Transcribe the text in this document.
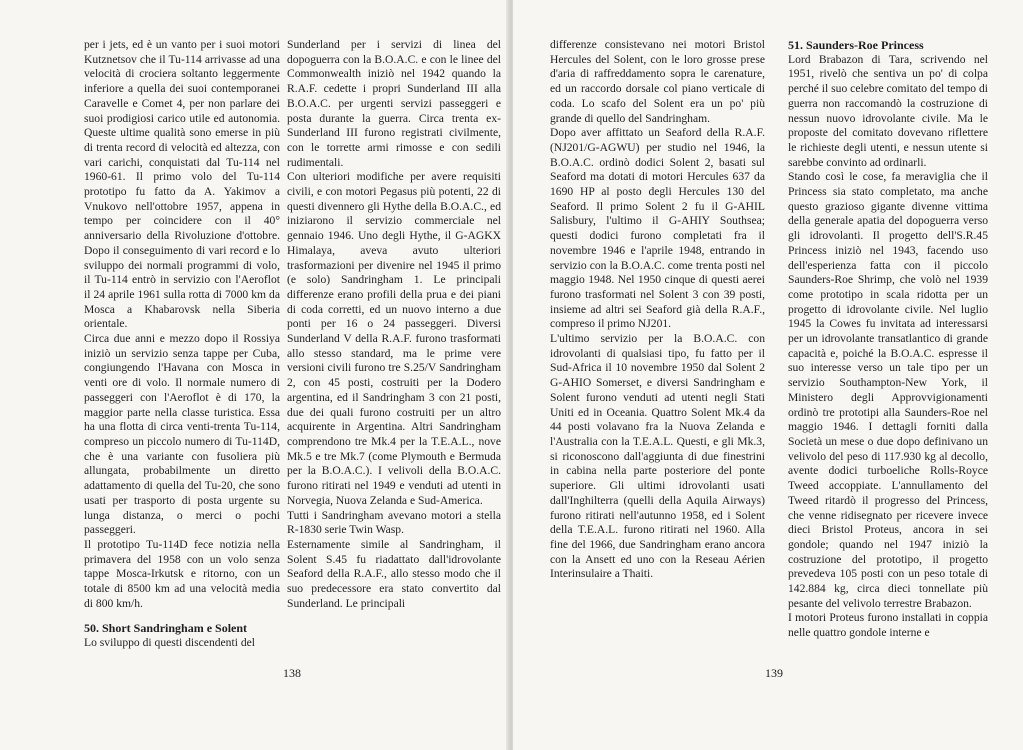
per i jets, ed è un vanto per i suoi motori Kutznetsov che il Tu-114 arrivasse ad una velocità di crociera soltanto leggermente inferiore a quella dei suoi contemporanei Caravelle e Comet 4, per non parlare dei suoi prodigiosi carico utile ed autonomia. Queste ultime qualità sono emerse in più di trenta record di velocità ed altezza, con vari carichi, conquistati dal Tu-114 nel 1960-61. Il primo volo del Tu-114 prototipo fu fatto da A. Yakimov a Vnukovo nell'ottobre 1957, appena in tempo per coincidere con il 40° anniversario della Rivoluzione d'ottobre. Dopo il conseguimento di vari record e lo sviluppo dei normali programmi di volo, il Tu-114 entrò in servizio con l'Aeroflot il 24 aprile 1961 sulla rotta di 7000 km da Mosca a Khabarovsk nella Siberia orientale.

Circa due anni e mezzo dopo il Rossiya iniziò un servizio senza tappe per Cuba, congiungendo l'Havana con Mosca in venti ore di volo. Il normale numero di passeggeri con l'Aeroflot è di 170, la maggior parte nella classe turistica. Essa ha una flotta di circa venti-trenta Tu-114, compreso un piccolo numero di Tu-114D, che è una variante con fusoliera più allungata, probabilmente un diretto adattamento di quella del Tu-20, che sono usati per trasporto di posta urgente su lunga distanza, o merci o pochi passeggeri.

Il prototipo Tu-114D fece notizia nella primavera del 1958 con un volo senza tappe Mosca-Irkutsk e ritorno, con un totale di 8500 km ad una velocità media di 800 km/h.

50. Short Sandringham e Solent

Lo sviluppo di questi discendenti del

Sunderland per i servizi di linea del dopoguerra con la B.O.A.C. e con le linee del Commonwealth iniziò nel 1942 quando la R.A.F. cedette i propri Sunderland III alla B.O.A.C. per urgenti servizi passeggeri e posta durante la guerra. Circa trenta ex-Sunderland III furono registrati civilmente, con le torrette armi rimosse e con sedili rudimentali.

Con ulteriori modifiche per avere requisiti civili, e con motori Pegasus più potenti, 22 di questi divennero gli Hythe della B.O.A.C., ed iniziarono il servizio commerciale nel gennaio 1946. Uno degli Hythe, il G-AGKX Himalaya, aveva avuto ulteriori trasformazioni per divenire nel 1945 il primo (e solo) Sandringham 1. Le principali differenze erano profili della prua e dei piani di coda corretti, ed un nuovo interno a due ponti per 16 o 24 passeggeri. Diversi Sunderland V della R.A.F. furono trasformati allo stesso standard, ma le prime vere versioni civili furono tre S.25/V Sandringham 2, con 45 posti, costruiti per la Dodero argentina, ed il Sandringham 3 con 21 posti, due dei quali furono costruiti per un altro acquirente in Argentina. Altri Sandringham comprendono tre Mk.4 per la T.E.A.L., nove Mk.5 e tre Mk.7 (come Plymouth e Bermuda per la B.O.A.C.). I velivoli della B.O.A.C. furono ritirati nel 1949 e venduti ad utenti in Norvegia, Nuova Zelanda e Sud-America.

Tutti i Sandringham avevano motori a stella R-1830 serie Twin Wasp.

Esternamente simile al Sandringham, il Solent S.45 fu riadattato dall'idrovolante Seaford della R.A.F., allo stesso modo che il suo predecessore era stato convertito dal Sunderland. Le principali

138

differenze consistevano nei motori Bristol Hercules del Solent, con le loro grosse prese d'aria di raffreddamento sopra le carenature, ed un raccordo dorsale col piano verticale di coda. Lo scafo del Solent era un po' più grande di quello del Sandringham.

Dopo aver affittato un Seaford della R.A.F. (NJ201/G-AGWU) per studio nel 1946, la B.O.A.C. ordinò dodici Solent 2, basati sul Seaford ma dotati di motori Hercules 637 da 1690 HP al posto degli Hercules 130 del Seaford. Il primo Solent 2 fu il G-AHIL Salisbury, l'ultimo il G-AHIY Southsea; questi dodici furono completati fra il novembre 1946 e l'aprile 1948, entrando in servizio con la B.O.A.C. come trenta posti nel maggio 1948. Nel 1950 cinque di questi aerei furono trasformati nel Solent 3 con 39 posti, insieme ad altri sei Seaford già della R.A.F., compreso il primo NJ201.

L'ultimo servizio per la B.O.A.C. con idrovolanti di qualsiasi tipo, fu fatto per il Sud-Africa il 10 novembre 1950 dal Solent 2 G-AHIO Somerset, e diversi Sandringham e Solent furono venduti ad utenti negli Stati Uniti ed in Oceania. Quattro Solent Mk.4 da 44 posti volavano fra la Nuova Zelanda e l'Australia con la T.E.A.L. Questi, e gli Mk.3, si riconoscono dall'aggiunta di due finestrini in cabina nella parte posteriore del ponte superiore. Gli ultimi idrovolanti usati dall'Inghilterra (quelli della Aquila Airways) furono ritirati nell'autunno 1958, ed i Solent della T.E.A.L. furono ritirati nel 1960. Alla fine del 1966, due Sandringham erano ancora con la Ansett ed uno con la Reseau Aérien Interinsulaire a Thaiti.

51. Saunders-Roe Princess

Lord Brabazon di Tara, scrivendo nel 1951, rivelò che sentiva un po' di colpa perché il suo celebre comitato del tempo di guerra non raccomandò la costruzione di nessun nuovo idrovolante civile. Ma le proposte del comitato dovevano riflettere le richieste degli utenti, e nessun utente si sarebbe convinto ad ordinarli.

Stando così le cose, fa meraviglia che il Princess sia stato completato, ma anche questo grazioso gigante divenne vittima della generale apatia del dopoguerra verso gli idrovolanti. Il progetto dell'S.R.45 Princess iniziò nel 1943, facendo uso dell'esperienza fatta con il piccolo Saunders-Roe Shrimp, che volò nel 1939 come prototipo in scala ridotta per un progetto di idrovolante civile. Nel luglio 1945 la Cowes fu invitata ad interessarsi per un idrovolante transatlantico di grande capacità e, poiché la B.O.A.C. espresse il suo interesse verso un tale tipo per un servizio Southampton-New York, il Ministero degli Approvvigionamenti ordinò tre prototipi alla Saunders-Roe nel maggio 1946. I dettagli forniti dalla Società un mese o due dopo definivano un velivolo del peso di 117.930 kg al decollo, avente dodici turboeliche Rolls-Royce Tweed accoppiate. L'annullamento del Tweed ritardò il progresso del Princess, che venne ridisegnato per ricevere invece dieci Bristol Proteus, ancora in sei gondole; quando nel 1947 iniziò la costruzione del prototipo, il progetto prevedeva 105 posti con un peso totale di 142.884 kg, circa dieci tonnellate più pesante del velivolo terrestre Brabazon.

I motori Proteus furono installati in coppia nelle quattro gondole interne e

139
